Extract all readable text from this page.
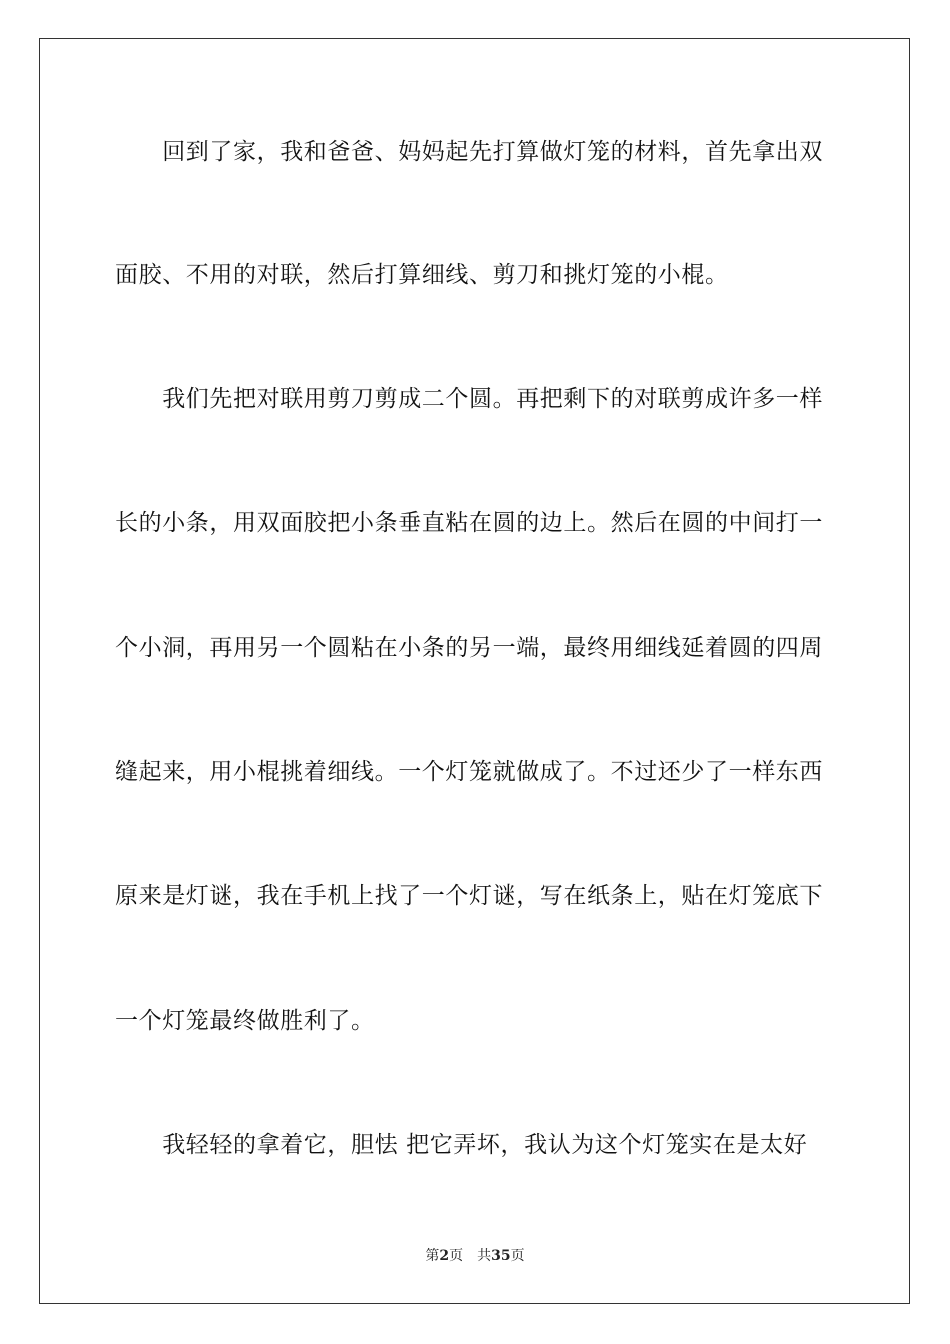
　　回到了家，我和爸爸、妈妈起先打算做灯笼的材料，首先拿出双
面胶、不用的对联，然后打算细线、剪刀和挑灯笼的小棍。
　　我们先把对联用剪刀剪成二个圆。再把剩下的对联剪成许多一样
长的小条，用双面胶把小条垂直粘在圆的边上。然后在圆的中间打一
个小洞，再用另一个圆粘在小条的另一端，最终用细线延着圆的四周
缝起来，用小棍挑着细线。一个灯笼就做成了。不过还少了一样东西
原来是灯谜，我在手机上找了一个灯谜，写在纸条上，贴在灯笼底下
一个灯笼最终做胜利了。
　　我轻轻的拿着它，胆怯 把它弄坏，我认为这个灯笼实在是太好
第2页 共35页
